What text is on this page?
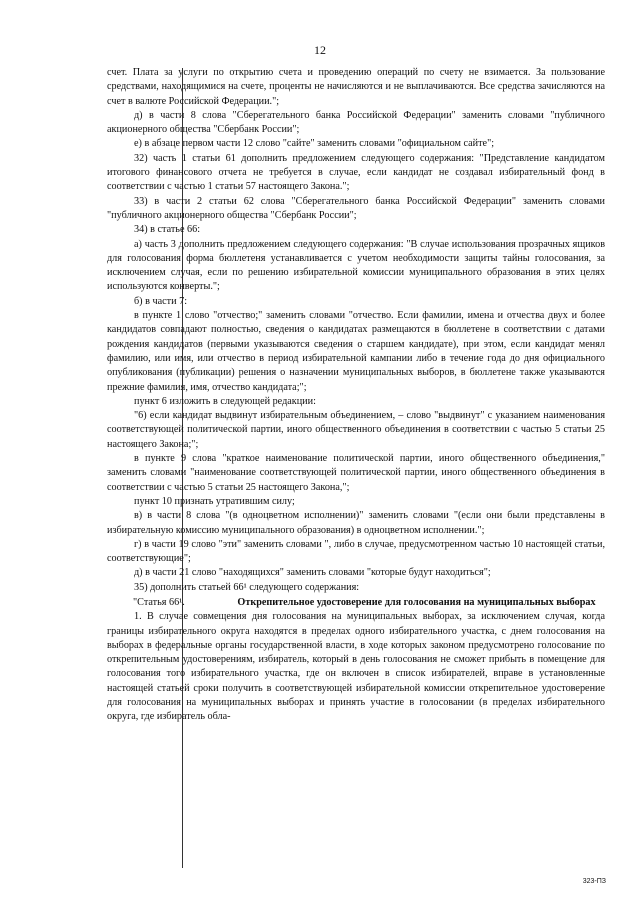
12

счет. Плата за услуги по открытию счета и проведению операций по счету не взимается. За пользование средствами, находящимися на счете, проценты не начисляются и не выплачиваются. Все средства зачисляются на счет в валюте Российской Федерации.";

д) в части 8 слова "Сберегательного банка Российской Федерации" заменить словами "публичного акционерного общества "Сбербанк России";

е) в абзаце первом части 12 слово "сайте" заменить словами "официальном сайте";

32) часть 1 статьи 61 дополнить предложением следующего содержания: "Представление кандидатом итогового финансового отчета не требуется в случае, если кандидат не создавал избирательный фонд в соответствии с частью 1 статьи 57 настоящего Закона.";

33) в части 2 статьи 62 слова "Сберегательного банка Российской Федерации" заменить словами "публичного акционерного общества "Сбербанк России";

34) в статье 66:

а) часть 3 дополнить предложением следующего содержания: "В случае использования прозрачных ящиков для голосования форма бюллетеня устанавливается с учетом необходимости защиты тайны голосования, за исключением случая, если по решению избирательной комиссии муниципального образования в этих целях используются конверты.";

б) в части 7:

в пункте 1 слово "отчество;" заменить словами "отчество. Если фамилии, имена и отчества двух и более кандидатов совпадают полностью, сведения о кандидатах размещаются в бюллетене в соответствии с датами рождения кандидатов (первыми указываются сведения о старшем кандидате), при этом, если кандидат менял фамилию, или имя, или отчество в период избирательной кампании либо в течение года до дня официального опубликования (публикации) решения о назначении муниципальных выборов, в бюллетене также указываются прежние фамилия, имя, отчество кандидата;";

пункт 6 изложить в следующей редакции:

"6) если кандидат выдвинут избирательным объединением, – слово "выдвинут" с указанием наименования соответствующей политической партии, иного общественного объединения в соответствии с частью 5 статьи 25 настоящего Закона;";

в пункте 9 слова "краткое наименование политической партии, иного общественного объединения," заменить словами "наименование соответствующей политической партии, иного общественного объединения в соответствии с частью 5 статьи 25 настоящего Закона,";

пункт 10 признать утратившим силу;

в) в части 8 слова "(в одноцветном исполнении)" заменить словами "(если они были представлены в избирательную комиссию муниципального образования) в одноцветном исполнении.";

г) в части 19 слово "эти" заменить словами ", либо в случае, предусмотренном частью 10 настоящей статьи, соответствующие";

д) в части 21 слово "находящихся" заменить словами "которые будут находиться";

35) дополнить статьей 66¹ следующего содержания:

"Статья 66¹.	Открепительное удостоверение для голосования на муниципальных выборах

1. В случае совмещения дня голосования на муниципальных выборах, за исключением случая, когда границы избирательного округа находятся в пределах одного избирательного участка, с днем голосования на выборах в федеральные органы государственной власти, в ходе которых законом предусмотрено голосование по открепительным удостоверениям, избиратель, который в день голосования не сможет прибыть в помещение для голосования того избирательного участка, где он включен в список избирателей, вправе в установленные настоящей статьей сроки получить в соответствующей избирательной комиссии открепительное удостоверение для голосования на муниципальных выборах и принять участие в голосовании (в пределах избирательного округа, где избиратель обла-

323-ПЗ
